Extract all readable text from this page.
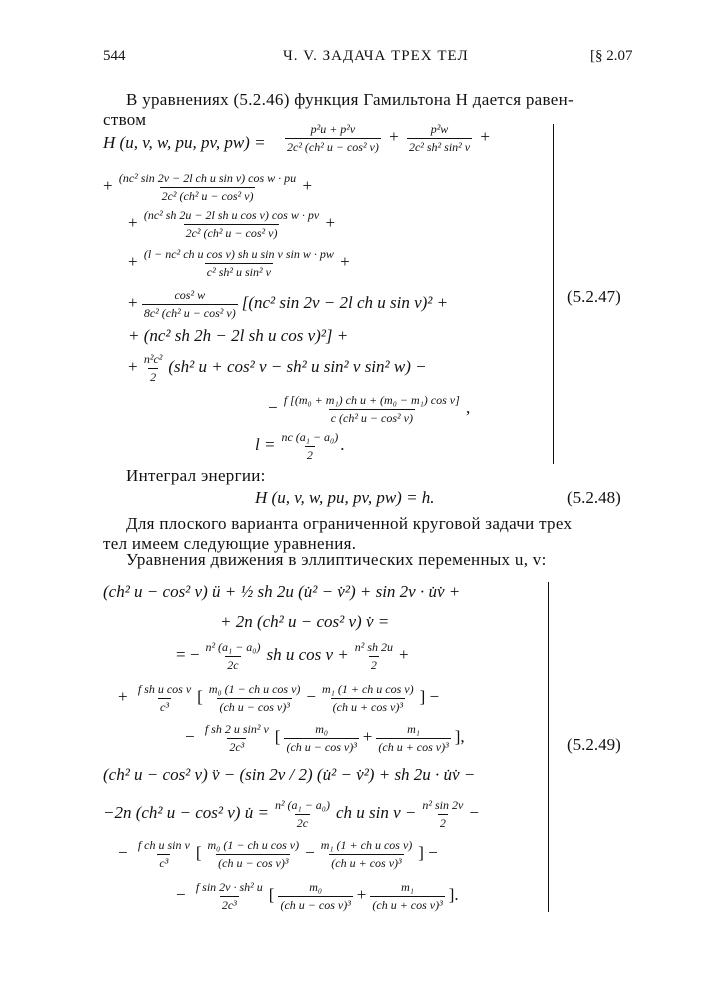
544	Ч. V. ЗАДАЧА ТРЕХ ТЕЛ	[§ 2.07
В уравнениях (5.2.46) функция Гамильтона H дается равен-
ством
H (u, v, w, pu, pv, $pw) = \frac{\text{p²u + p²v}}{\text{2c² (ch² u − cos² v)}} + \frac{\text{p²w}}{\text{2c² sh² sin² v}}$ +
+ $\frac{\text{(nc² sin 2v − 2l ch u sin v) cos w · pu}}{\text{2c² (ch² u − cos² v)}}$ +
+ $\frac{\text{(nc² sh 2u − 2l sh u cos v) cos w · pv}}{\text{2c² (ch² u − cos² v)}}$ +
+ $\frac{\text{(l − nc² ch u cos v) sh u sin v sin w · pw}}{\text{c² sh² u sin² v}}$ +
+ $\frac{\text{cos² w}}{\text{8c² (ch² u − cos² v)}} [(nc^2$ sin 2v − 2l ch u sin v)² +
+ (nc² sh 2h − 2l sh u cos v)²] +
+ $\frac{\text{n²c²}}{2} (sh^2$ u + cos² v − sh² u sin² v sin² w) −
− $\frac{\text{f [(m₀ + m₁) ch u + (m₀ − m₁) cos v]}}{\text{c (ch² u − cos² v)}}$ ,
$l = \frac{\text{nc (a₁ − a₀)}}{2}$ .
(5.2.47)
Интеграл энергии:
H (u, v, w, pu, pv, pw) = h.	(5.2.48)
Для плоского варианта ограниченной круговой задачи трех
тел имеем следующие уравнения.
Уравнения движения в эллиптических переменных u, v:
(ch² u − cos² v) ü + ½ sh 2u (u̇² − v̇²) + sin 2v · u̇v̇ +
+ 2n (ch² u − cos² v) v̇ =
= − $\frac{\text{n² (a₁ − a₀)}}{2c}$ sh u $\cos v + \frac{\text{n² sh 2u}}{2}$ +
+ $\frac{\text{f sh u cos v}}{\text{c³}}$ [ $\frac{\text{m₀ (1 − ch u cos v)}}{\text{(ch u − cos v)³}} - \frac{\text{m₁ (1 + ch u cos v)}}{\text{(ch u + cos v)³}}$ ] −
− $\frac{\text{f sh 2 u sin² v}}{\text{2c³}}$ [ $\frac{\text{m₀}}{\text{(ch u − cos v)³}} + \frac{\text{m₁}}{\text{(ch u + cos v)³}}$ ],
(ch² u − cos² v) v̈ − (sin 2v / 2) (u̇² − v̇²) + sh 2u · u̇v̇ −
−2n (ch² u − cos² v) u̇ = $\frac{\text{n² (a₁ − a₀)}}{2c}$ ch u $\sin v - \frac{\text{n² sin 2v}}{2}$ −
− $\frac{\text{f ch u sin v}}{\text{c³}}$ [ $\frac{\text{m₀ (1 − ch u cos v)}}{\text{(ch u − cos v)³}} - \frac{\text{m₁ (1 + ch u cos v)}}{\text{(ch u + cos v)³}}$ ] −
− $\frac{\text{f sin 2v · sh² u}}{\text{2c³}}$ [ $\frac{\text{m₀}}{\text{(ch u − cos v)³}} + \frac{\text{m₁}}{\text{(ch u + cos v)³}}$ ].
(5.2.49)
